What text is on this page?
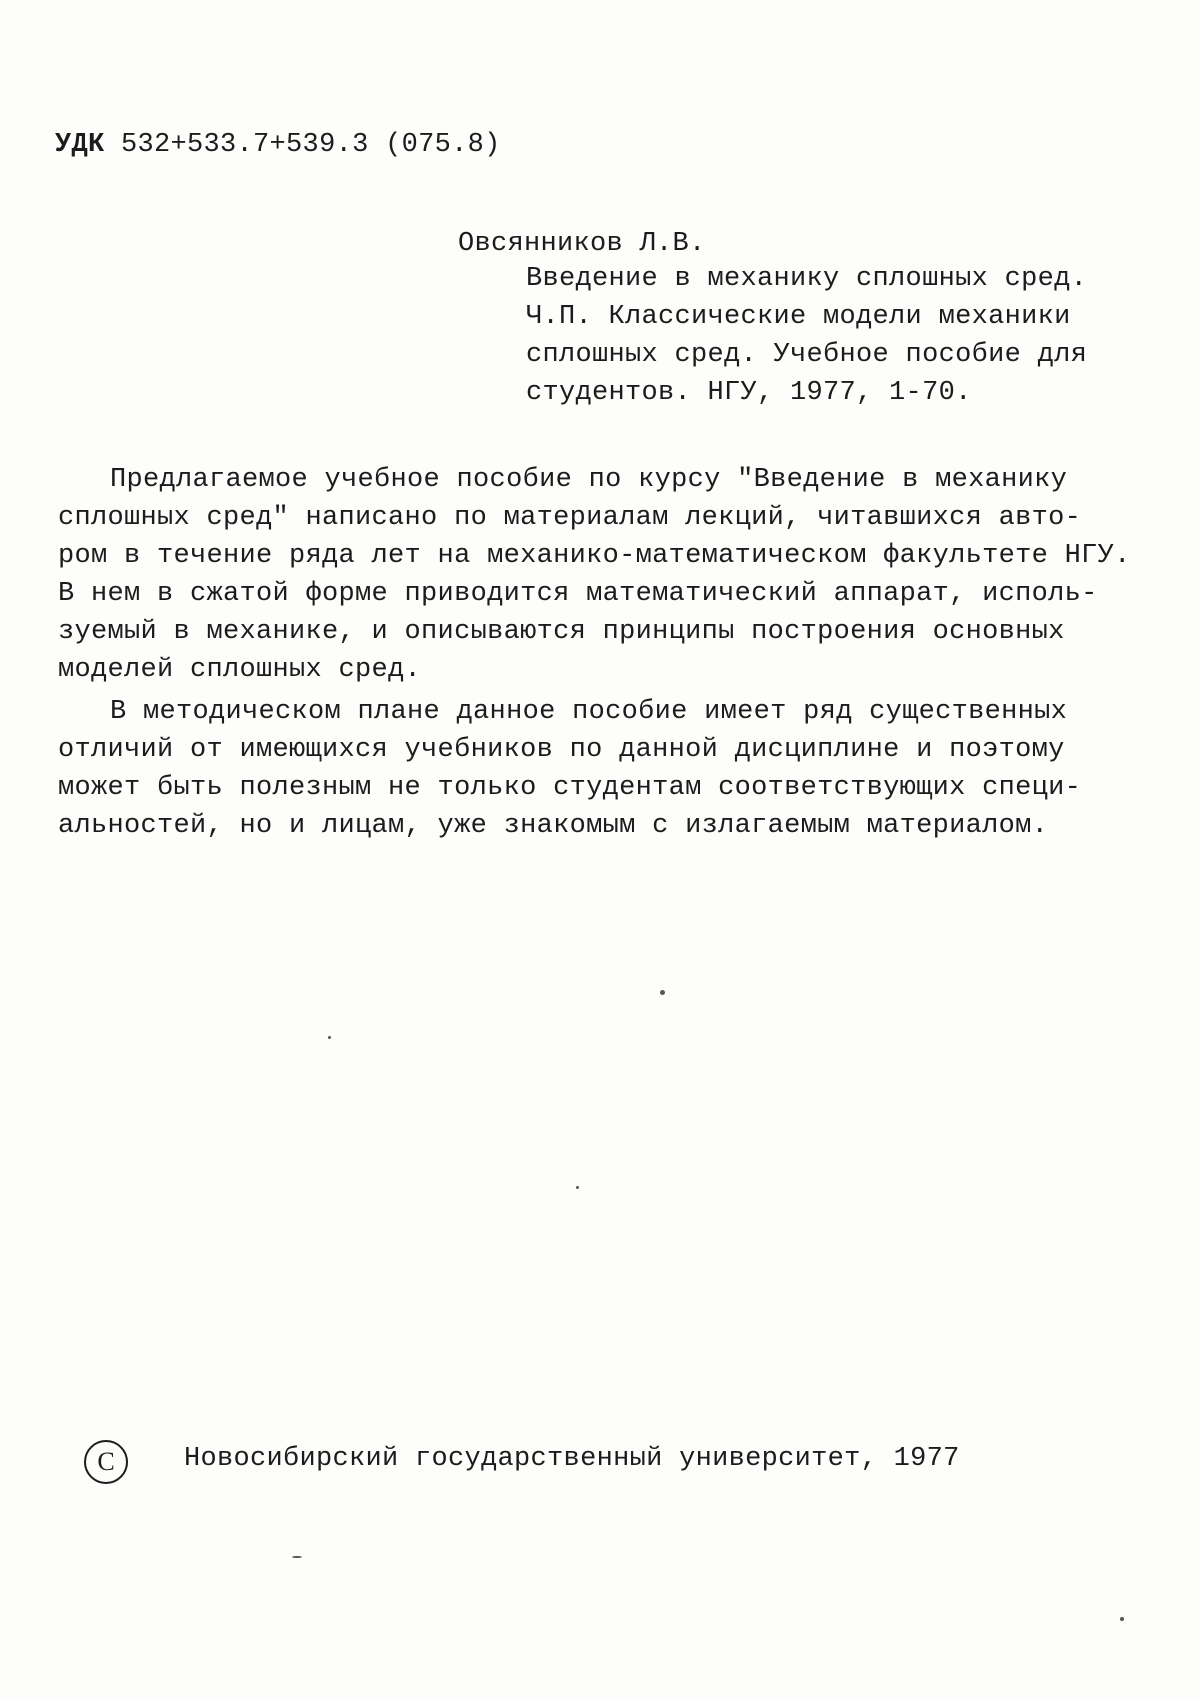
УДК 532+533.7+539.3 (075.8)
Овсянников Л.В.
Введение в механику сплошных сред.
Ч.П. Классические модели механики
сплошных сред. Учебное пособие для
студентов. НГУ, 1977, 1-70.
Предлагаемое учебное пособие по курсу "Введение в механику
сплошных сред" написано по материалам лекций, читавшихся авто-
ром в течение ряда лет на механико-математическом факультете НГУ.
В нем в сжатой форме приводится математический аппарат, исполь-
зуемый в механике, и описываются принципы построения основных
моделей сплошных сред.
В методическом плане данное пособие имеет ряд существенных
отличий от имеющихся учебников по данной дисциплине и поэтому
может быть полезным не только студентам соответствующих специ-
альностей, но и лицам, уже знакомым с излагаемым материалом.
C	Новосибирский государственный университет, 1977
